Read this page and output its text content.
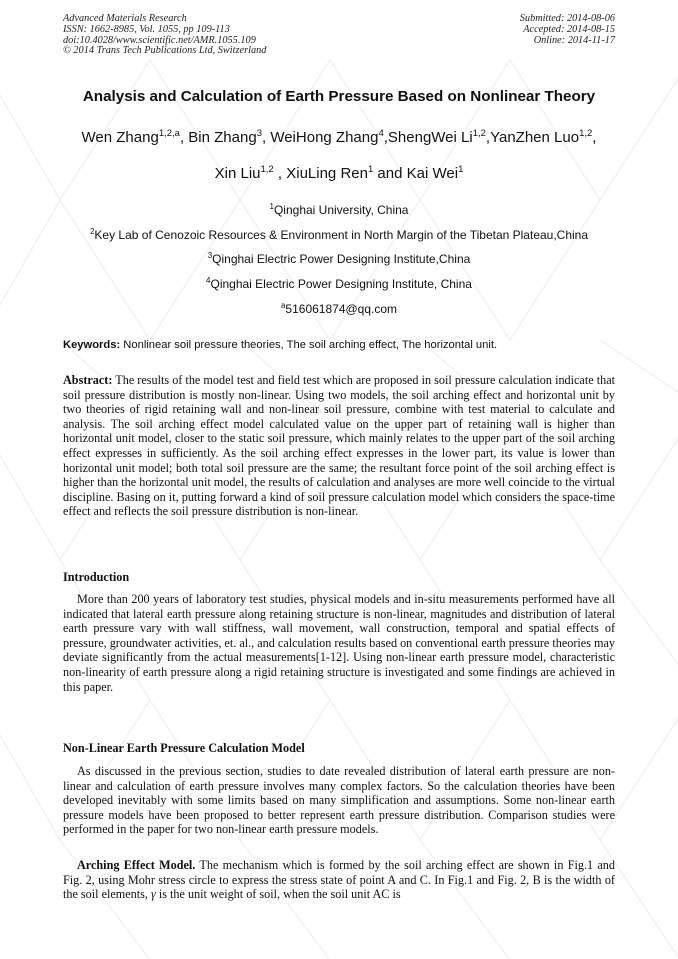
Advanced Materials Research
ISSN: 1662-8985, Vol. 1055, pp 109-113
doi:10.4028/www.scientific.net/AMR.1055.109
© 2014 Trans Tech Publications Ltd, Switzerland
Submitted: 2014-08-06
Accepted: 2014-08-15
Online: 2014-11-17
Analysis and Calculation of Earth Pressure Based on Nonlinear Theory
Wen Zhang$^{1,2,a}$, Bin Zhang$^3$, WeiHong Zhang$^4$,ShengWei Li$^{1,2}$,YanZhen Luo$^{1,2}$,
Xin Liu$^{1,2}$ , XiuLing Ren$^1$ and Kai Wei$^1$
$^1$Qinghai University, China
$^2$Key Lab of Cenozoic Resources & Environment in North Margin of the Tibetan Plateau,China
$^3$Qinghai Electric Power Designing Institute,China
$^4$Qinghai Electric Power Designing Institute, China
$^a$516061874@qq.com
Keywords: Nonlinear soil pressure theories, The soil arching effect, The horizontal unit.
Abstract: The results of the model test and field test which are proposed in soil pressure calculation indicate that soil pressure distribution is mostly non-linear. Using two models, the soil arching effect and horizontal unit by two theories of rigid retaining wall and non-linear soil pressure, combine with test material to calculate and analysis. The soil arching effect model calculated value on the upper part of retaining wall is higher than horizontal unit model, closer to the static soil pressure, which mainly relates to the upper part of the soil arching effect expresses in sufficiently. As the soil arching effect expresses in the lower part, its value is lower than horizontal unit model; both total soil pressure are the same; the resultant force point of the soil arching effect is higher than the horizontal unit model, the results of calculation and analyses are more well coincide to the virtual discipline. Basing on it, putting forward a kind of soil pressure calculation model which considers the space-time effect and reflects the soil pressure distribution is non-linear.
Introduction
More than 200 years of laboratory test studies, physical models and in-situ measurements performed have all indicated that lateral earth pressure along retaining structure is non-linear, magnitudes and distribution of lateral earth pressure vary with wall stiffness, wall movement, wall construction, temporal and spatial effects of pressure, groundwater activities, et. al., and calculation results based on conventional earth pressure theories may deviate significantly from the actual measurements[1-12]. Using non-linear earth pressure model, characteristic non-linearity of earth pressure along a rigid retaining structure is investigated and some findings are achieved in this paper.
Non-Linear Earth Pressure Calculation Model
As discussed in the previous section, studies to date revealed distribution of lateral earth pressure are non-linear and calculation of earth pressure involves many complex factors. So the calculation theories have been developed inevitably with some limits based on many simplification and assumptions. Some non-linear earth pressure models have been proposed to better represent earth pressure distribution. Comparison studies were performed in the paper for two non-linear earth pressure models.
Arching Effect Model. The mechanism which is formed by the soil arching effect are shown in Fig.1 and Fig. 2, using Mohr stress circle to express the stress state of point A and C. In Fig.1 and Fig. 2, B is the width of the soil elements, γ is the unit weight of soil, when the soil unit AC is
